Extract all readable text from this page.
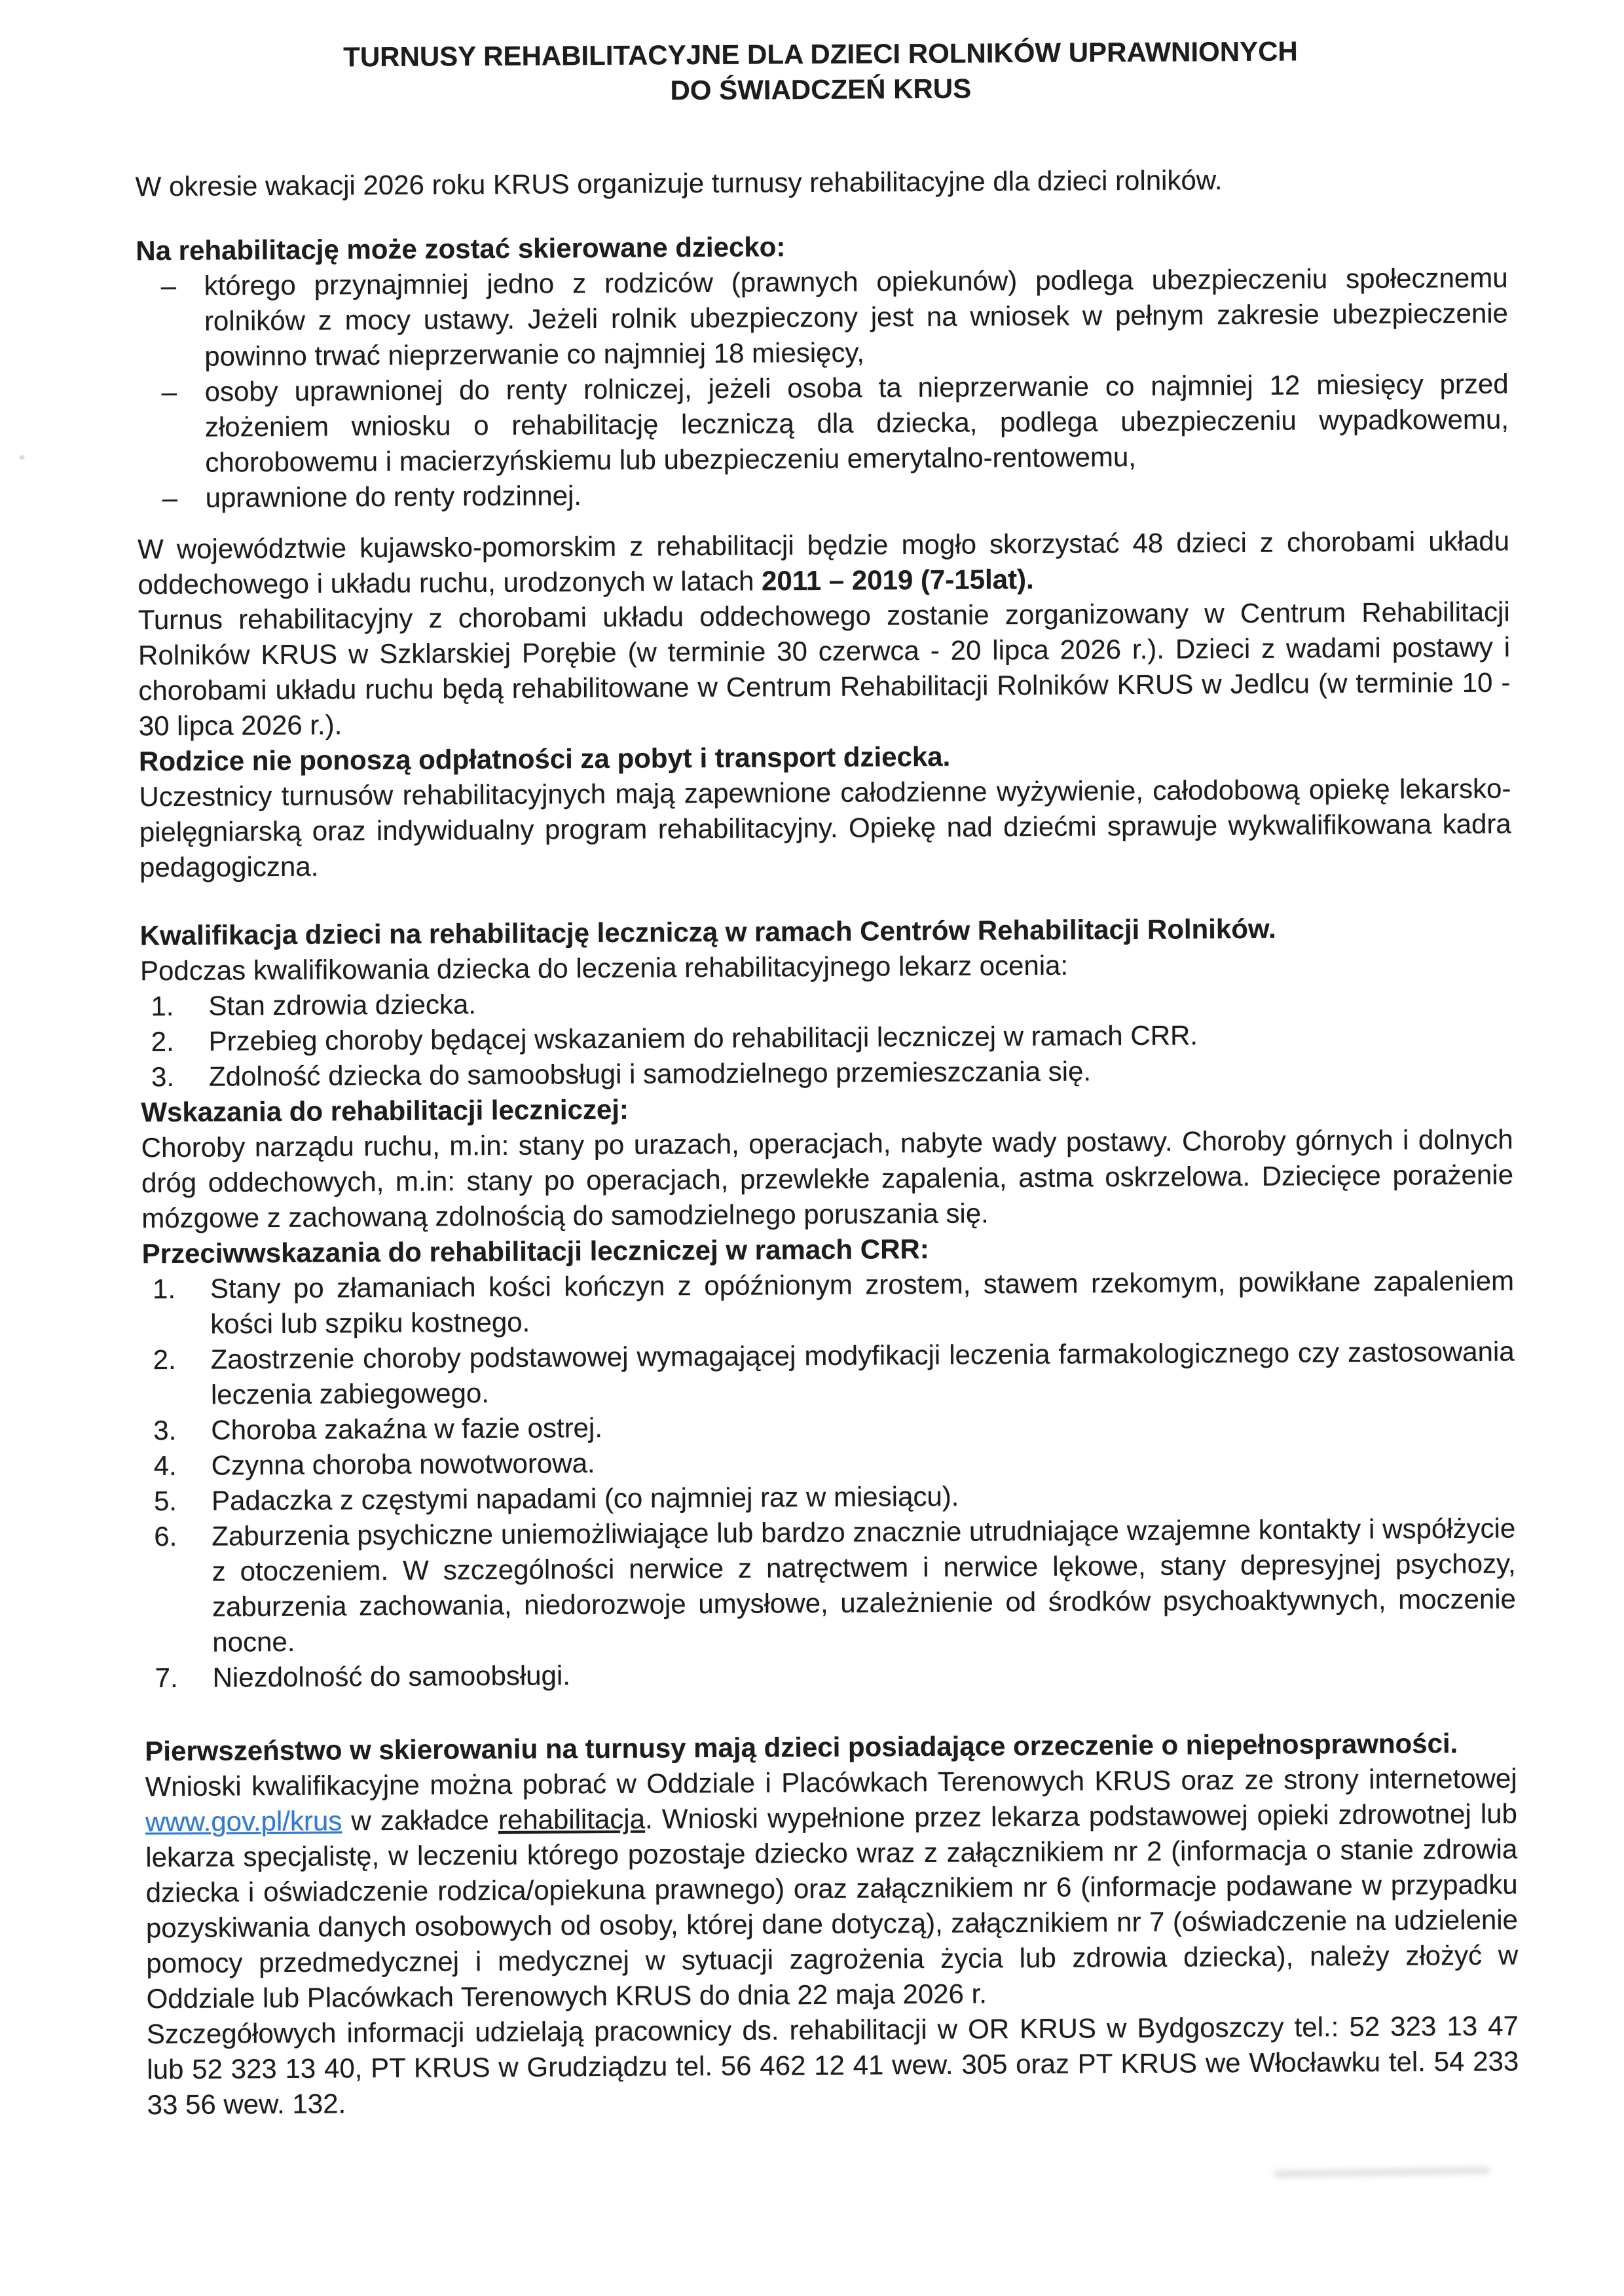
TURNUSY REHABILITACYJNE DLA DZIECI ROLNIKÓW UPRAWNIONYCH

DO ŚWIADCZEŃ KRUS

W okresie wakacji 2026 roku KRUS organizuje turnusy rehabilitacyjne dla dzieci rolników.

Na rehabilitację może zostać skierowane dziecko:

– którego przynajmniej jedno z rodziców (prawnych opiekunów) podlega ubezpieczeniu społecznemu rolników z mocy ustawy. Jeżeli rolnik ubezpieczony jest na wniosek w pełnym zakresie ubezpieczenie powinno trwać nieprzerwanie co najmniej 18 miesięcy,
– osoby uprawnionej do renty rolniczej, jeżeli osoba ta nieprzerwanie co najmniej 12 miesięcy przed złożeniem wniosku o rehabilitację leczniczą dla dziecka, podlega ubezpieczeniu wypadkowemu, chorobowemu i macierzyńskiemu lub ubezpieczeniu emerytalno-rentowemu,
– uprawnione do renty rodzinnej.

W województwie kujawsko-pomorskim z rehabilitacji będzie mogło skorzystać 48 dzieci z chorobami układu oddechowego i układu ruchu, urodzonych w latach 2011 – 2019 (7-15lat).

Turnus rehabilitacyjny z chorobami układu oddechowego zostanie zorganizowany w Centrum Rehabilitacji Rolników KRUS w Szklarskiej Porębie (w terminie 30 czerwca - 20 lipca 2026 r.). Dzieci z wadami postawy i chorobami układu ruchu będą rehabilitowane w Centrum Rehabilitacji Rolników KRUS w Jedlcu (w terminie 10 - 30 lipca 2026 r.).

Rodzice nie ponoszą odpłatności za pobyt i transport dziecka.

Uczestnicy turnusów rehabilitacyjnych mają zapewnione całodzienne wyżywienie, całodobową opiekę lekarsko-pielęgniarską oraz indywidualny program rehabilitacyjny. Opiekę nad dziećmi sprawuje wykwalifikowana kadra pedagogiczna.

Kwalifikacja dzieci na rehabilitację leczniczą w ramach Centrów Rehabilitacji Rolników.

Podczas kwalifikowania dziecka do leczenia rehabilitacyjnego lekarz ocenia:

1. Stan zdrowia dziecka.
2. Przebieg choroby będącej wskazaniem do rehabilitacji leczniczej w ramach CRR.
3. Zdolność dziecka do samoobsługi i samodzielnego przemieszczania się.

Wskazania do rehabilitacji leczniczej:

Choroby narządu ruchu, m.in: stany po urazach, operacjach, nabyte wady postawy. Choroby górnych i dolnych dróg oddechowych, m.in: stany po operacjach, przewlekłe zapalenia, astma oskrzelowa. Dziecięce porażenie mózgowe z zachowaną zdolnością do samodzielnego poruszania się.

Przeciwwskazania do rehabilitacji leczniczej w ramach CRR:

1. Stany po złamaniach kości kończyn z opóźnionym zrostem, stawem rzekomym, powikłane zapaleniem kości lub szpiku kostnego.
2. Zaostrzenie choroby podstawowej wymagającej modyfikacji leczenia farmakologicznego czy zastosowania leczenia zabiegowego.
3. Choroba zakaźna w fazie ostrej.
4. Czynna choroba nowotworowa.
5. Padaczka z częstymi napadami (co najmniej raz w miesiącu).
6. Zaburzenia psychiczne uniemożliwiające lub bardzo znacznie utrudniające wzajemne kontakty i współżycie z otoczeniem. W szczególności nerwice z natręctwem i nerwice lękowe, stany depresyjnej psychozy, zaburzenia zachowania, niedorozwoje umysłowe, uzależnienie od środków psychoaktywnych, moczenie nocne.
7. Niezdolność do samoobsługi.

Pierwszeństwo w skierowaniu na turnusy mają dzieci posiadające orzeczenie o niepełnosprawności.

Wnioski kwalifikacyjne można pobrać w Oddziale i Placówkach Terenowych KRUS oraz ze strony internetowej www.gov.pl/krus w zakładce rehabilitacja. Wnioski wypełnione przez lekarza podstawowej opieki zdrowotnej lub lekarza specjalistę, w leczeniu którego pozostaje dziecko wraz z załącznikiem nr 2 (informacja o stanie zdrowia dziecka i oświadczenie rodzica/opiekuna prawnego) oraz załącznikiem nr 6 (informacje podawane w przypadku pozyskiwania danych osobowych od osoby, której dane dotyczą), załącznikiem nr 7 (oświadczenie na udzielenie pomocy przedmedycznej i medycznej w sytuacji zagrożenia życia lub zdrowia dziecka), należy złożyć w Oddziale lub Placówkach Terenowych KRUS do dnia 22 maja 2026 r.

Szczegółowych informacji udzielają pracownicy ds. rehabilitacji w OR KRUS w Bydgoszczy tel.: 52 323 13 47 lub 52 323 13 40, PT KRUS w Grudziądzu tel. 56 462 12 41 wew. 305 oraz PT KRUS we Włocławku tel. 54 233 33 56 wew. 132.
